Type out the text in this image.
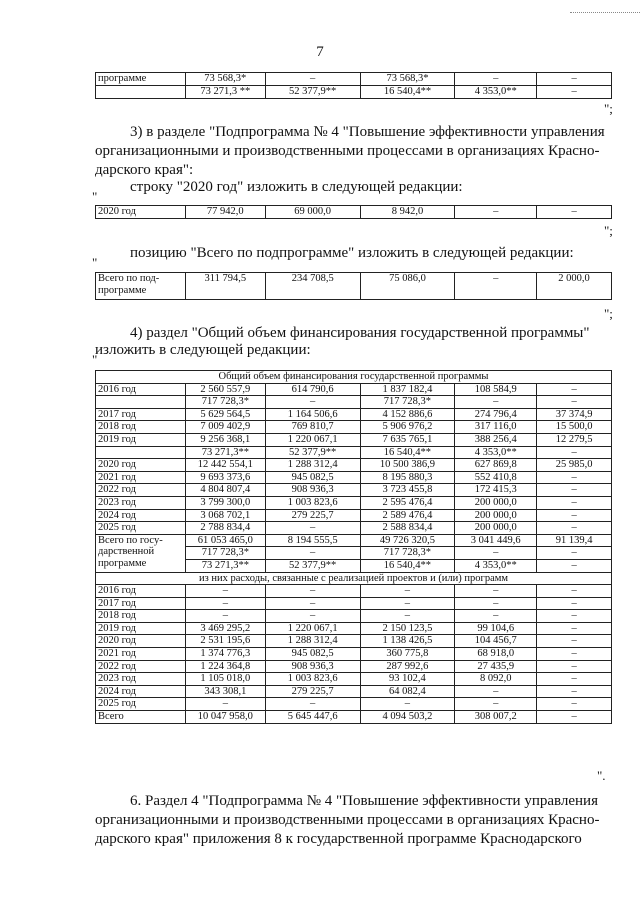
7
программе	73 568,3*	–	73 568,3*	–	–
	73 271,3 **	52 377,9**	16 540,4**	4 353,0**	–
";
3) в разделе "Подпрограмма № 4 "Повышение эффективности управления
организационными и производственными процессами в организациях Красно-
дарского края":
строку "2020 год" изложить в следующей редакции:
"
2020 год	77 942,0	69 000,0	8 942,0	–	–
";
позицию "Всего по подпрограмме" изложить в следующей редакции:
"
Всего по под-
программе
	311 794,5	234 708,5	75 086,0	–	2 000,0
";
4) раздел "Общий объем финансирования государственной программы"
изложить в следующей редакции:
"
Общий объем финансирования государственной программы					
2016 год	2 560 557,9	614 790,6	1 837 182,4	108 584,9	–
	717 728,3*	–	717 728,3*	–	–
2017 год	5 629 564,5	1 164 506,6	4 152 886,6	274 796,4	37 374,9
2018 год	7 009 402,9	769 810,7	5 906 976,2	317 116,0	15 500,0
2019 год	9 256 368,1	1 220 067,1	7 635 765,1	388 256,4	12 279,5
	73 271,3**	52 377,9**	16 540,4**	4 353,0**	–
2020 год	12 442 554,1	1 288 312,4	10 500 386,9	627 869,8	25 985,0
2021 год	9 693 373,6	945 082,5	8 195 880,3	552 410,8	–
2022 год	4 804 807,4	908 936,3	3 723 455,8	172 415,3	–
2023 год	3 799 300,0	1 003 823,6	2 595 476,4	200 000,0	–
2024 год	3 068 702,1	279 225,7	2 589 476,4	200 000,0	–
2025 год	2 788 834,4	–	2 588 834,4	200 000,0	–

Всего по госу-
дарственной
программе	61 053 465,0	8 194 555,5	49 726 320,5	3 041 449,6	91 139,4
	717 728,3*	–	717 728,3*	–	–
	73 271,3**	52 377,9**	16 540,4**	4 353,0**	–
из них расходы, связанные с реализацией проектов и (или) программ					
2016 год	–	–	–	–	–
2017 год	–	–	–	–	–
2018 год	–	–	–	–	–
2019 год	3 469 295,2	1 220 067,1	2 150 123,5	99 104,6	–
2020 год	2 531 195,6	1 288 312,4	1 138 426,5	104 456,7	–
2021 год	1 374 776,3	945 082,5	360 775,8	68 918,0	–
2022 год	1 224 364,8	908 936,3	287 992,6	27 435,9	–
2023 год	1 105 018,0	1 003 823,6	93 102,4	8 092,0	–
2024 год	343 308,1	279 225,7	64 082,4	–	–
2025 год	–	–	–	–	–
Всего	10 047 958,0	5 645 447,6	4 094 503,2	308 007,2	–
".
6. Раздел 4 "Подпрограмма № 4 "Повышение эффективности управления
организационными и производственными процессами в организациях Красно-
дарского края" приложения 8 к государственной программе Краснодарского
